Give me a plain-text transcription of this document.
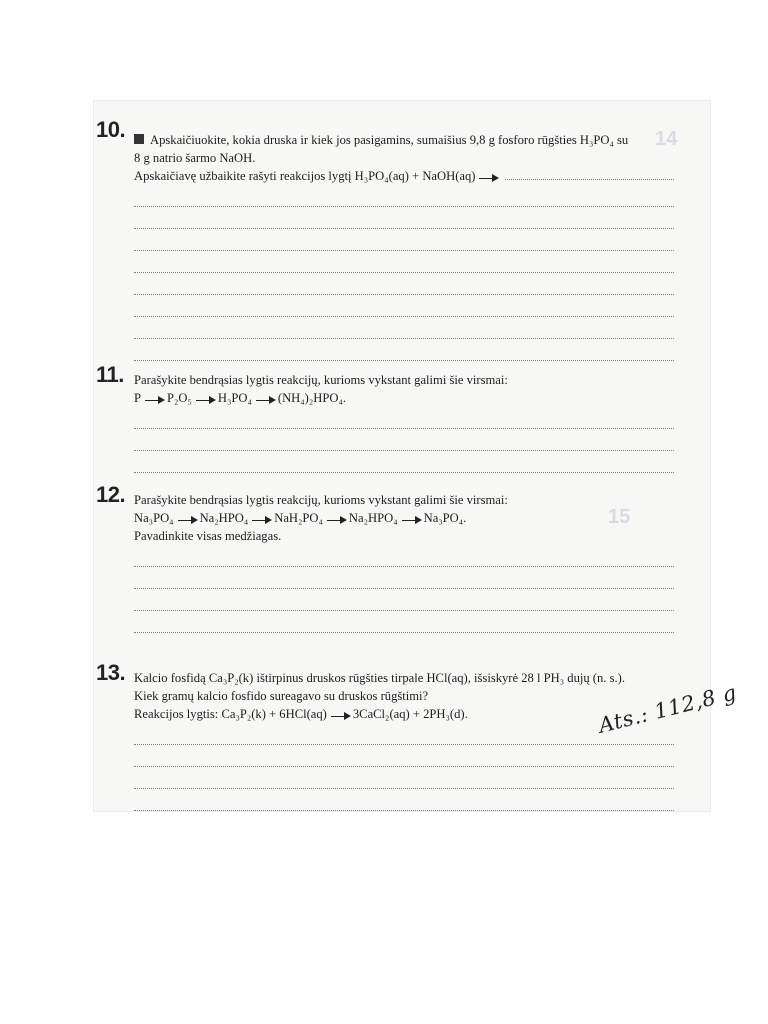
14
15
10. Apskaičiuokite, kokia druska ir kiek jos pasigamins, sumaišius 9,8 g fosforo rūgšties H₃PO₄ su
8 g natrio šarmo NaOH.
Apskaičiavę užbaikite rašyti reakcijos lygtį H₃PO₄(aq) + NaOH(aq) →
11. Parašykite bendrąsias lygtis reakcijų, kurioms vykstant galimi šie virsmai:
P → P₂O₅ → H₃PO₄ → (NH₄)₂HPO₄.
12. Parašykite bendrąsias lygtis reakcijų, kurioms vykstant galimi šie virsmai:
Na₃PO₄ → Na₂HPO₄ → NaH₂PO₄ → Na₂HPO₄ → Na₃PO₄.
Pavadinkite visas medžiagas.
13. Kalcio fosfidą Ca₃P₂(k) ištirpinus druskos rūgšties tirpale HCl(aq), išsiskyrė 28 l PH₃ dujų (n. s.).
Kiek gramų kalcio fosfido sureagavo su druskos rūgštimi?
Reakcijos lygtis: Ca₃P₂(k) + 6HCl(aq) → 3CaCl₂(aq) + 2PH₃(d).	Ats.: 112,8 g
